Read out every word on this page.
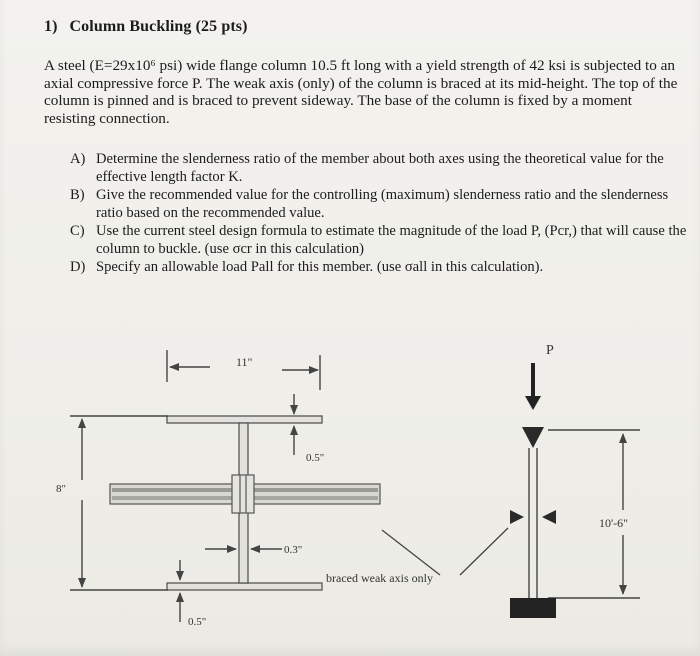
1) Column Buckling (25 pts)
A steel (E=29x10⁶ psi) wide flange column 10.5 ft long with a yield strength of 42 ksi is subjected to an axial compressive force P. The weak axis (only) of the column is braced at its mid-height. The top of the column is pinned and is braced to prevent sideway. The base of the column is fixed by a moment resisting connection.
A) Determine the slenderness ratio of the member about both axes using the theoretical value for the effective length factor K.
B) Give the recommended value for the controlling (maximum) slenderness ratio and the slenderness ratio based on the recommended value.
C) Use the current steel design formula to estimate the magnitude of the load P, (Pcr,) that will cause the column to buckle. (use σcr in this calculation)
D) Specify an allowable load Pall for this member. (use σall in this calculation).
11"
0.5"
8"
0.3"
0.5"
braced weak axis only
P
10'-6"
